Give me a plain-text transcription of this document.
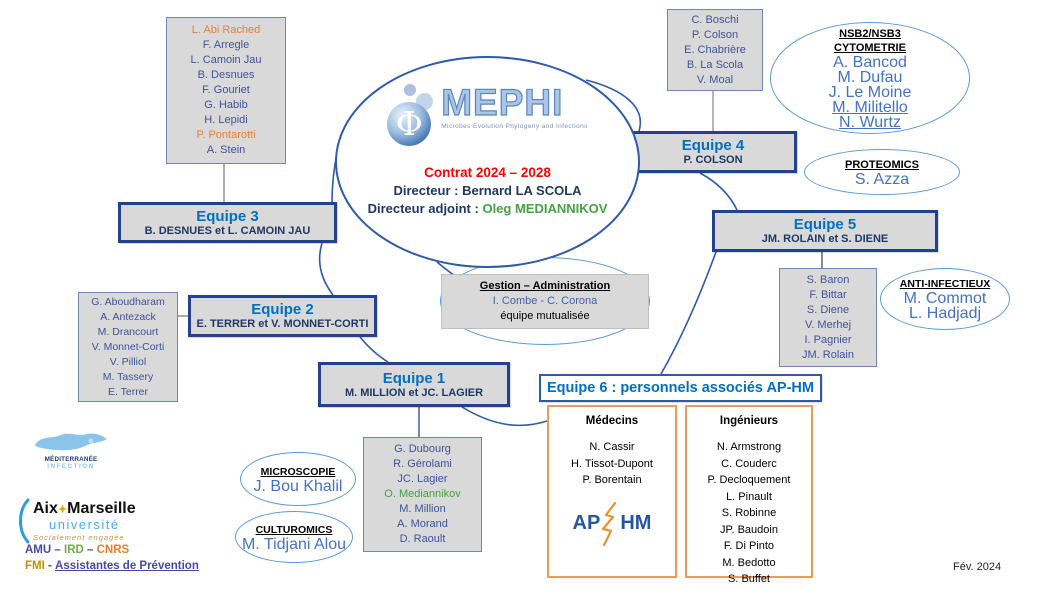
L. Abi Rached
F. Arregle
L. Camoin Jau
B. Desnues
F. Gouriet
G. Habib
H. Lepidi
P. Pontarotti
A. Stein
C. Boschi
P. Colson
E. Chabrière
B. La Scola
V. Moal
G. Aboudharam
A. Antezack
M. Drancourt
V. Monnet-Corti
V. Pilliol
M. Tassery
E. Terrer
G. Dubourg
R. Gérolami
JC. Lagier
O. Mediannikov
M. Million
A. Morand
D. Raoult
S. Baron
F. Bittar
S. Diene
V. Merhej
I. Pagnier
JM. Rolain
Equipe 3
B. DESNUES et L. CAMOIN JAU
Equipe 2
E. TERRER et V. MONNET-CORTI
Equipe 1
M. MILLION et JC. LAGIER
Equipe 4
P. COLSON
Equipe 5
JM. ROLAIN et S. DIENE
Φ
MEPHI
Microbes Evolution Phylogeny and Infections
Contrat 2024 – 2028
Directeur : Bernard LA SCOLA
Directeur adjoint : Oleg MEDIANNIKOV
Gestion – Administration
I. Combe - C. Corona
équipe mutualisée
NSB2/NSB3 CYTOMETRIE
A. Bancod
M. Dufau
J. Le Moine
M. Militello
N. Wurtz
PROTEOMICS
S. Azza
ANTI-INFECTIEUX
M. Commot
L. Hadjadj
MICROSCOPIE
J. Bou Khalil
CULTUROMICS
M. Tidjani Alou
Equipe 6 : personnels associés AP-HM
Médecins
N. Cassir
H. Tissot-Dupont
P. Borentain
AP HM
Ingénieurs
N. Armstrong
C. Couderc
P. Decloquement
L. Pinault
S. Robinne
JP. Baudoin
F. Di Pinto
M. Bedotto
S. Buffet
MÉDITERRANÉE
INFECTION
Aix✦Marseille
université
Socialement engagée
AMU – IRD – CNRS
FMI - Assistantes de Prévention	Fév. 2024
